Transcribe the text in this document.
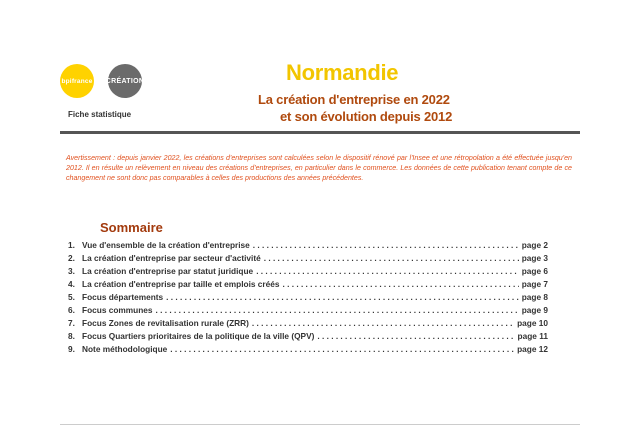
bpifrance CRÉATION
Fiche statistique
Normandie
La création d'entreprise en 2022
et son évolution depuis 2012
Avertissement : depuis janvier 2022, les créations d'entreprises sont calculées selon le dispositif rénové par l'Insee et une rétropolation a été effectuée jusqu'en 2012. Il en résulte un relèvement en niveau des créations d'entreprises, en particulier dans le commerce. Les données de cette publication tenant compte de ce changement ne sont donc pas comparables à celles des productions des années précédentes.
Sommaire
1. Vue d'ensemble de la création d'entreprise . . .	page 2
2. La création d'entreprise par secteur d'activité . . .	page 3
3. La création d'entreprise par statut juridique . . .	page 6
4. La création d'entreprise par taille et emplois créés . . .	page 7
5. Focus départements . . .	page 8
6. Focus communes . . .	page 9
7. Focus Zones de revitalisation rurale (ZRR) . . .	page 10
8. Focus Quartiers prioritaires de la politique de la ville (QPV) . . .	page 11
9. Note méthodologique . . .	page 12
